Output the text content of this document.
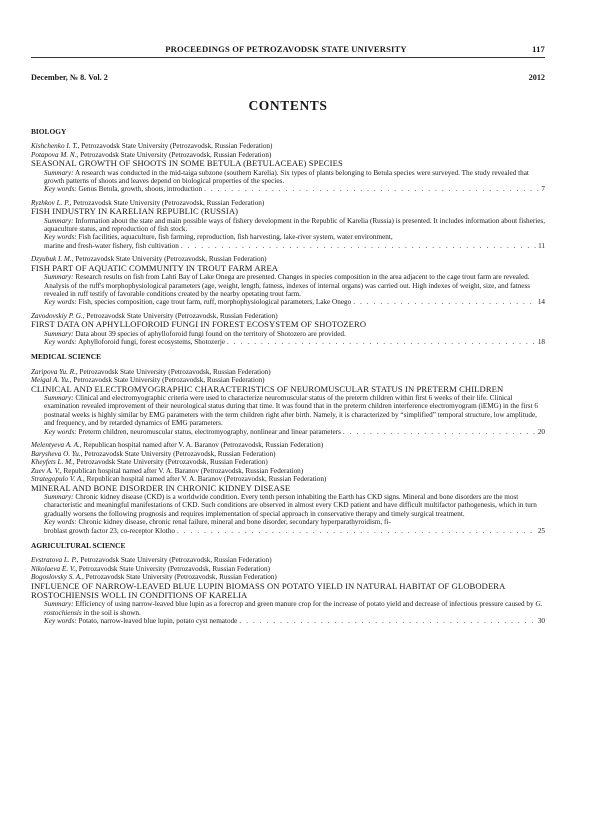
PROCEEDINGS OF PETROZAVODSK STATE UNIVERSITY	117
December, № 8. Vol. 2	2012
CONTENTS
BIOLOGY

Kishchenko I. T., Petrozavodsk State University (Petrozavodsk, Russian Federation)

Potapova M. N., Petrozavodsk State University (Petrozavodsk, Russian Federation)

SEASONAL GROWTH OF SHOOTS IN SOME BETULA (BETULACEAE) SPECIES

Summary: A research was conducted in the mid-taiga subzone (southern Karelia). Six types of plants belonging to Betula species were surveyed. The study revealed that growth patterns of shoots and leaves depend on biological properties of the species.

Key words: Genus Betula, growth, shoots, introduction . . .	7

Ryzhkov L. P., Petrozavodsk State University (Petrozavodsk, Russian Federation)

FISH INDUSTRY IN KARELIAN REPUBLIC (RUSSIA)

Summary: Information about the state and main possible ways of fishery development in the Republic of Karelia (Russia) is presented. It includes information about fisheries, aquaculture status, and reproduction of fish stock.

Key words: Fish facilities, aquaculture, fish farming, reproduction, fish harvesting, lake-river system, water environment,

marine and fresh-water fishery, fish cultivation . . .	11

Dzyubuk I. M., Petrozavodsk State University (Petrozavodsk, Russian Federation)

FISH PART OF AQUATIC COMMUNITY IN TROUT FARM AREA

Summary: Research results on fish from Lahti Bay of Lake Onega are presented. Changes in species composition in the area adjacent to the cage trout farm are revealed. Analysis of the ruff's morphophysiological parameters (age, weight, length, fatness, indexes of internal organs) was carried out. High indexes of weight, size, and fatness revealed in ruff testify of favorable conditions created by the nearby opetating trout farm.

Key words: Fish, species composition, cage trout farm, ruff, morphophysiological parameters, Lake Onego . . .	14

Zavodovskiy P. G., Petrozavodsk State University (Petrozavodsk, Russian Federation)

FIRST DATA ON APHYLLOFOROID FUNGI IN FOREST ECOSYSTEM OF SHOTOZERO

Summary: Data about 39 species of aphylloforoid fungi found on the territory of Shotozero are provided.

Key words: Aphylloforoid fungi, forest ecosystems, Shotozerje . . .	18
MEDICAL SCIENCE

Zaripova Yu. R., Petrozavodsk State University (Petrozavodsk, Russian Federation)

Meigal A. Yu., Petrozavodsk State University (Petrozavodsk, Russian Federation)

CLINICAL AND ELECTROMYOGRAPHIC CHARACTERISTICS OF NEUROMUSCULAR STATUS IN PRETERM CHILDREN

Summary: Clinical and electromyographic criteria were used to characterize neuromuscular status of the preterm children within first 6 weeks of their life. Clinical examination revealed improvement of their neurological status during that time. It was found that in the preterm children interference electromyogram (iEMG) in the first 6 postnatal weeks is highly similar by EMG parameters with the term children right after birth. Namely, it is characterized by “simplified” temporal structure, low amplitude, and frequency, and by retarded dynamics of EMG parameters.

Key words: Preterm children, neuromuscular status, electromyography, nonlinear and linear parameters . . .	20

Melentyeva A. A., Republican hospital named after V. A. Baranov (Petrozavodsk, Russian Federation)

Barysheva O. Yu., Petrozavodsk State University (Petrozavodsk, Russian Federation)

Kheyfets L. M., Petrozavodsk State University (Petrozavodsk, Russian Federation)

Zuev A. V., Republican hospital named after V. A. Baranov (Petrozavodsk, Russian Federation)

Strategopulo V. A., Republican hospital named after V. A. Baranov (Petrozavodsk, Russian Federation)

MINERAL AND BONE DISORDER IN CHRONIC KIDNEY DISEASE

Summary: Chronic kidney disease (CKD) is a worldwide condition. Every tenth person inhabiting the Earth has CKD signs. Mineral and bone disorders are the most characteristic and meaningful manifestations of CKD. Such conditions are observed in almost every CKD patient and have difficult multifactor pathogenesis, which in turn gradually worsens the following prognosis and requires implementation of special approach in conservative therapy and timely surgical treatment.

Key words: Chronic kidney disease, chronic renal failure, mineral and bone disorder, secondary hyperparathyroidism, fi-

broblast growth factor 23, co-receptor Klotho . . .	25
AGRICULTURAL SCIENCE

Evstratova L. P., Petrozavodsk State University (Petrozavodsk, Russian Federation)

Nikolaeva E. V., Petrozavodsk State University (Petrozavodsk, Russian Federation)

Bogoslovsky S. A., Petrozavodsk State University (Petrozavodsk, Russian Federation)

INFLUENCE OF NARROW-LEAVED BLUE LUPIN BIOMASS ON POTATO YIELD IN NATURAL HABITAT OF GLOBODERA ROSTOCHIENSIS WOLL IN CONDITIONS OF KARELIA

Summary: Efficiency of using narrow-leaved blue lupin as a forecrop and green manure crop for the increase of potato yield and decrease of infectious pressure caused by G. rostochiensis in the soil is shown.

Key words: Potato, narrow-leaved blue lupin, potato cyst nematode . . .	30
